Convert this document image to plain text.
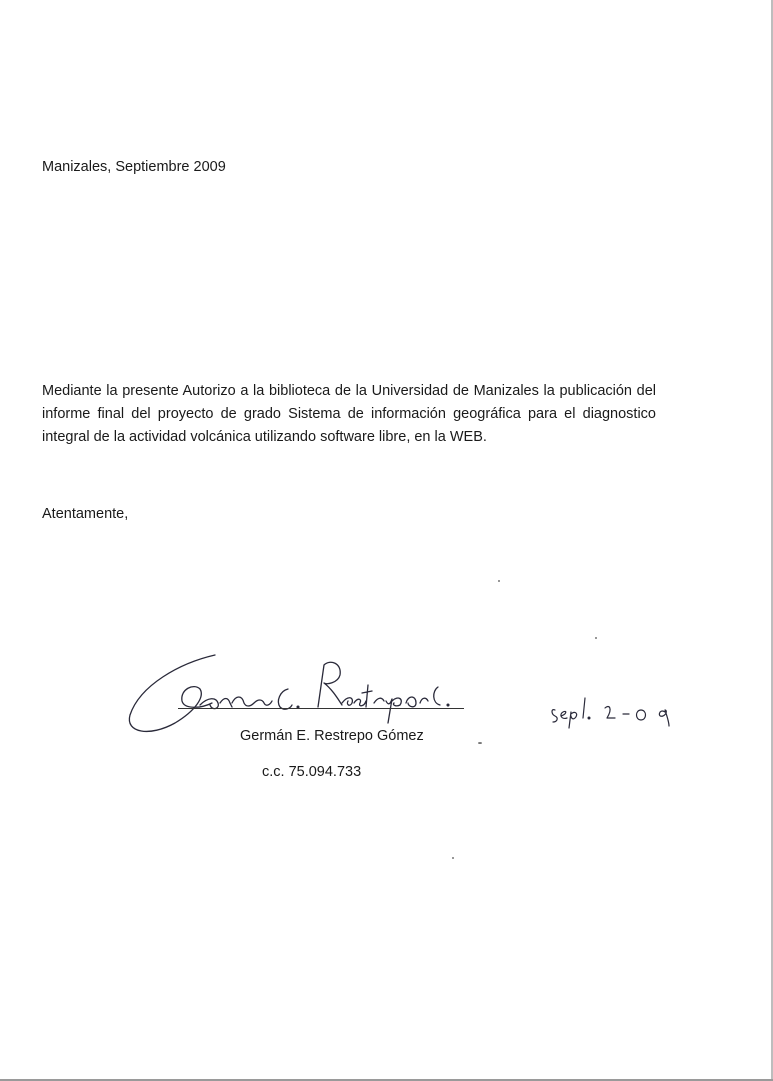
Manizales, Septiembre 2009
Mediante la presente Autorizo a la biblioteca de la Universidad de Manizales la publicación del informe final del proyecto de grado Sistema de información geográfica para el diagnostico integral de la actividad volcánica utilizando software libre, en la WEB.
Atentamente,
Germán E. Restrepo Gómez
c.c. 75.094.733
